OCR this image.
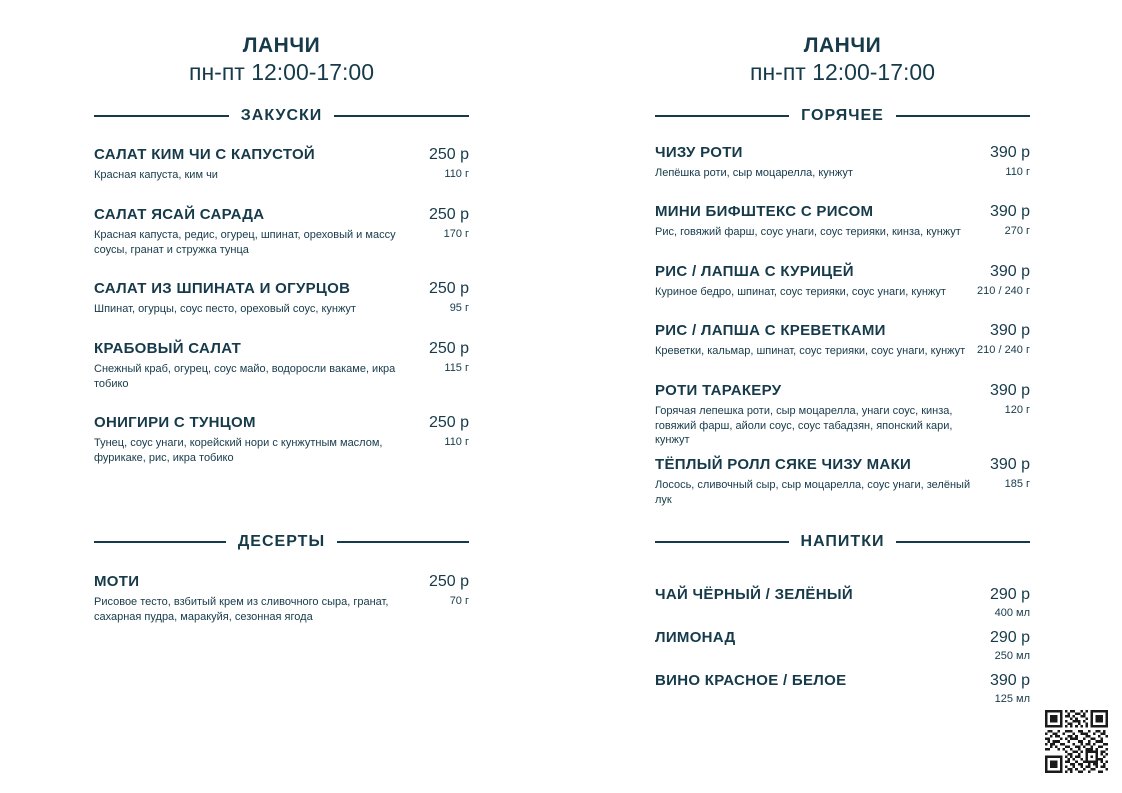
ЛАНЧИ
пн-пт 12:00-17:00
ЗАКУСКИ
САЛАТ КИМ ЧИ С КАПУСТОЙ	250 р
Красная капуста, ким чи	110 г
САЛАТ ЯСАЙ САРАДА	250 р
Красная капуста, редис, огурец, шпинат, ореховый и массу соусы, гранат и стружка тунца
170 г
САЛАТ ИЗ ШПИНАТА И ОГУРЦОВ	250 р
Шпинат, огурцы, соус песто, ореховый соус, кунжут	95 г
КРАБОВЫЙ САЛАТ	250 р
Снежный краб, огурец, соус майо, водоросли вакаме, икра тобико
115 г
ОНИГИРИ С ТУНЦОМ	250 р
Тунец, соус унаги, корейский нори с кунжутным маслом, фурикаке, рис, икра тобико
110 г
ДЕСЕРТЫ
МОТИ	250 р
Рисовое тесто, взбитый крем из сливочного сыра, гранат, сахарная пудра, маракуйя, сезонная ягода
70 г
ЛАНЧИ
пн-пт 12:00-17:00
ГОРЯЧЕЕ
ЧИЗУ РОТИ	390 р
Лепёшка роти, сыр моцарелла, кунжут	110 г
МИНИ БИФШТЕКС С РИСОМ	390 р
Рис, говяжий фарш, соус унаги, соус терияки, кинза, кунжут	270 г
РИС / ЛАПША С КУРИЦЕЙ	390 р
Куриное бедро, шпинат, соус терияки, соус унаги, кунжут	210 / 240 г
РИС / ЛАПША С КРЕВЕТКАМИ	390 р
Креветки, кальмар, шпинат, соус терияки, соус унаги, кунжут	210 / 240 г
РОТИ ТАРАКЕРУ	390 р
Горячая лепешка роти, сыр моцарелла, унаги соус, кинза, говяжий фарш, айоли соус, соус табадзян, японский кари, кунжут
120 г
ТЁПЛЫЙ РОЛЛ СЯКЕ ЧИЗУ МАКИ	390 р
Лосось, сливочный сыр, сыр моцарелла, соус унаги, зелёный лук
185 г
НАПИТКИ
ЧАЙ ЧЁРНЫЙ / ЗЕЛЁНЫЙ	290 р
400 мл
ЛИМОНАД	290 р
250 мл
ВИНО КРАСНОЕ / БЕЛОЕ	390 р
125 мл
